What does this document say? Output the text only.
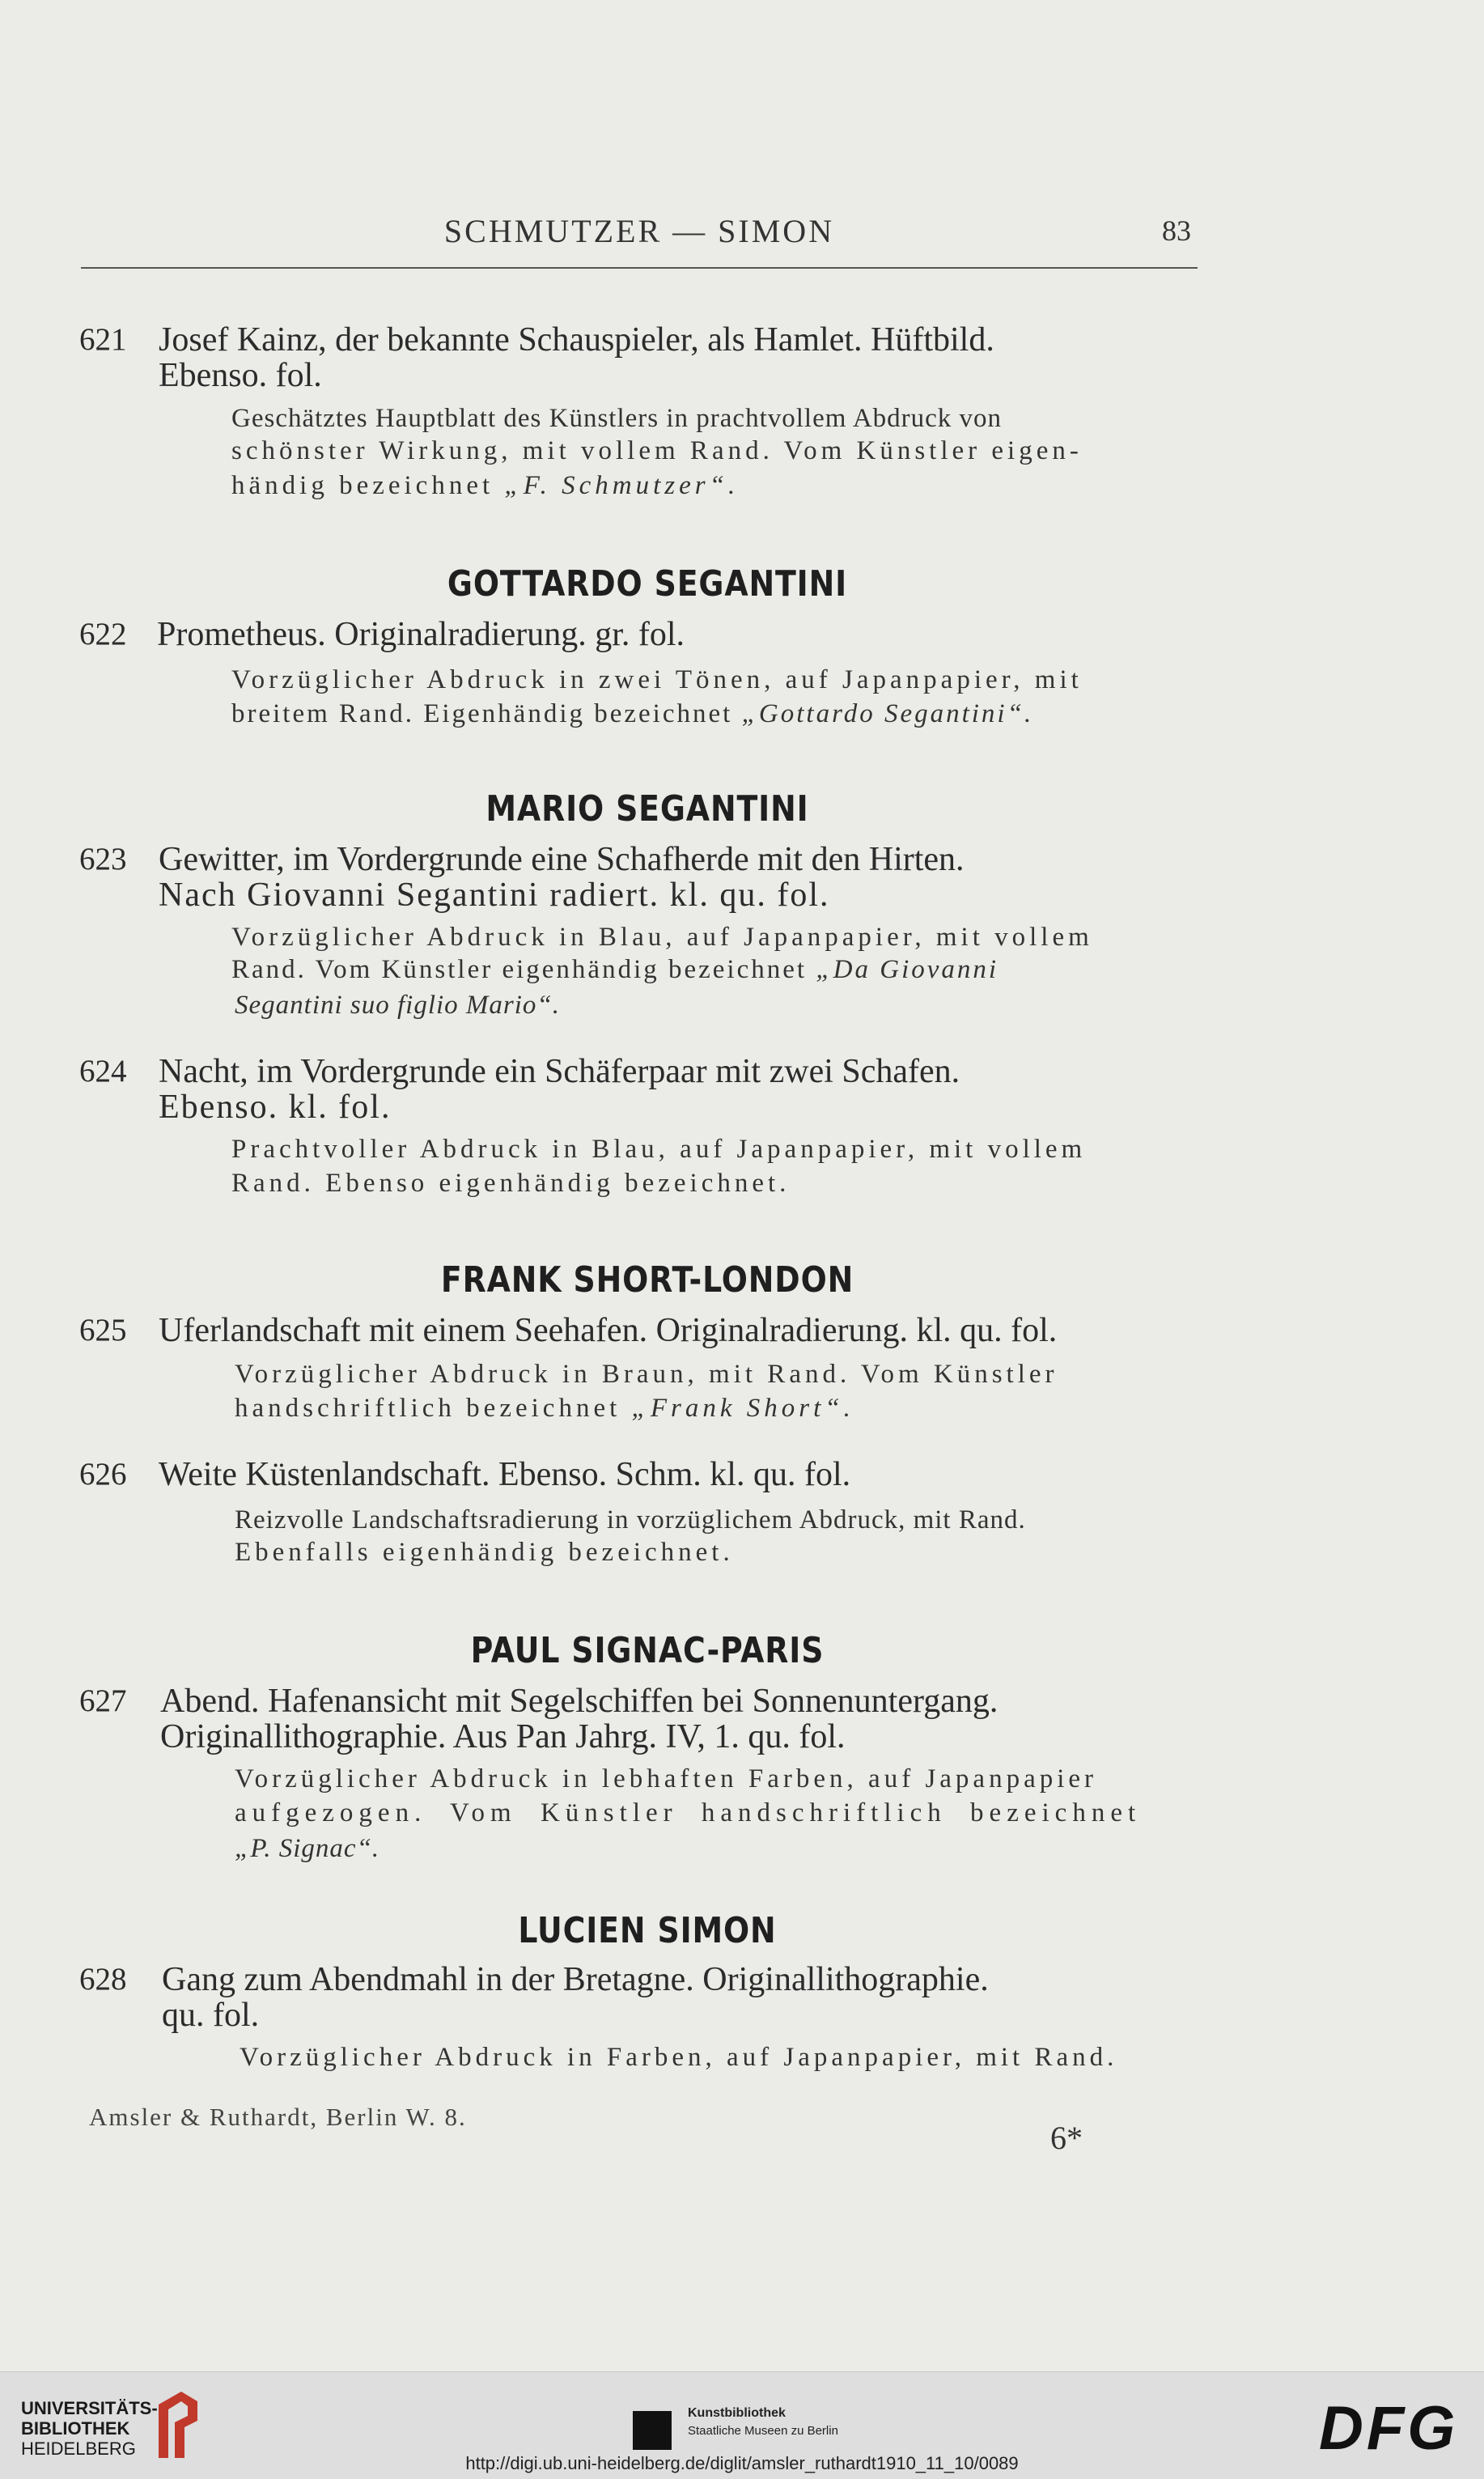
SCHMUTZER — SIMON	83
621 Josef Kainz, der bekannte Schauspieler, als Hamlet. Hüftbild.
Ebenso. fol.
Geschätztes Hauptblatt des Künstlers in prachtvollem Abdruck von
schönster Wirkung, mit vollem Rand. Vom Künstler eigen-
händig bezeichnet „F. Schmutzer“.
GOTTARDO SEGANTINI
622 Prometheus. Originalradierung. gr. fol.
Vorzüglicher Abdruck in zwei Tönen, auf Japanpapier, mit
breitem Rand. Eigenhändig bezeichnet „Gottardo Segantini“.
MARIO SEGANTINI
623 Gewitter, im Vordergrunde eine Schafherde mit den Hirten.
Nach Giovanni Segantini radiert. kl. qu. fol.
Vorzüglicher Abdruck in Blau, auf Japanpapier, mit vollem
Rand. Vom Künstler eigenhändig bezeichnet „Da Giovanni
Segantini suo figlio Mario“.
624 Nacht, im Vordergrunde ein Schäferpaar mit zwei Schafen.
Ebenso. kl. fol.
Prachtvoller Abdruck in Blau, auf Japanpapier, mit vollem
Rand. Ebenso eigenhändig bezeichnet.
FRANK SHORT-LONDON
625 Uferlandschaft mit einem Seehafen. Originalradierung. kl. qu. fol.
Vorzüglicher Abdruck in Braun, mit Rand. Vom Künstler
handschriftlich bezeichnet „Frank Short“.
626 Weite Küstenlandschaft. Ebenso. Schm. kl. qu. fol.
Reizvolle Landschaftsradierung in vorzüglichem Abdruck, mit Rand.
Ebenfalls eigenhändig bezeichnet.
PAUL SIGNAC-PARIS
627 Abend. Hafenansicht mit Segelschiffen bei Sonnenuntergang.
Originallithographie. Aus Pan Jahrg. IV, 1. qu. fol.
Vorzüglicher Abdruck in lebhaften Farben, auf Japanpapier
aufgezogen. Vom Künstler handschriftlich bezeichnet
„P. Signac“.
LUCIEN SIMON
628 Gang zum Abendmahl in der Bretagne. Originallithographie.
qu. fol.
Vorzüglicher Abdruck in Farben, auf Japanpapier, mit Rand.
Amsler & Ruthardt, Berlin W. 8.
6*
UNIVERSITÄTS-
BIBLIOTHEK
HEIDELBERG
Kunstbibliothek
Staatliche Museen zu Berlin	DFG
http://digi.ub.uni-heidelberg.de/diglit/amsler_ruthardt1910_11_10/0089
